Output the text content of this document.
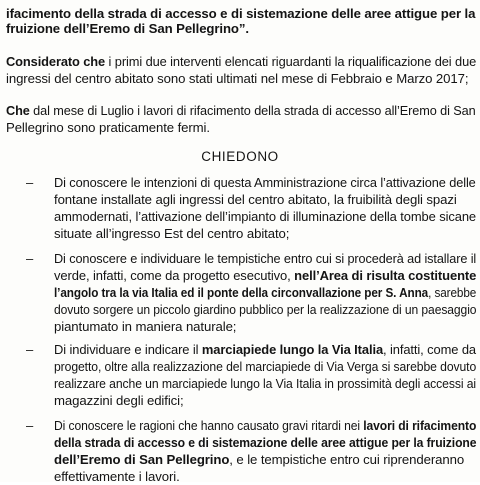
ifacimento della strada di accesso e di sistemazione delle aree attigue per la
fruizione dell’Eremo di San Pellegrino”.
Considerato che i primi due interventi elencati riguardanti la riqualificazione dei due
ingressi del centro abitato sono stati ultimati nel mese di Febbraio e Marzo 2017;
Che dal mese di Luglio i lavori di rifacimento della strada di accesso all’Eremo di San
Pellegrino sono praticamente fermi.
CHIEDONO
– Di conoscere le intenzioni di questa Amministrazione circa l’attivazione delle
fontane installate agli ingressi del centro abitato, la fruibilità degli spazi
ammodernati, l’attivazione dell’impianto di illuminazione della tombe sicane
situate all’ingresso Est del centro abitato;
– Di conoscere e individuare le tempistiche entro cui si procederà ad istallare il
verde, infatti, come da progetto esecutivo, nell’Area di risulta costituente
l’angolo tra la via Italia ed il ponte della circonvallazione per S. Anna, sarebbe
dovuto sorgere un piccolo giardino pubblico per la realizzazione di un paesaggio
piantumato in maniera naturale;
– Di individuare e indicare il marciapiede lungo la Via Italia, infatti, come da
progetto, oltre alla realizzazione del marciapiede di Via Verga si sarebbe dovuto
realizzare anche un marciapiede lungo la Via Italia in prossimità degli accessi ai
magazzini degli edifici;
– Di conoscere le ragioni che hanno causato gravi ritardi nei lavori di rifacimento
della strada di accesso e di sistemazione delle aree attigue per la fruizione
dell’Eremo di San Pellegrino, e le tempistiche entro cui riprenderanno
effettivamente i lavori.
